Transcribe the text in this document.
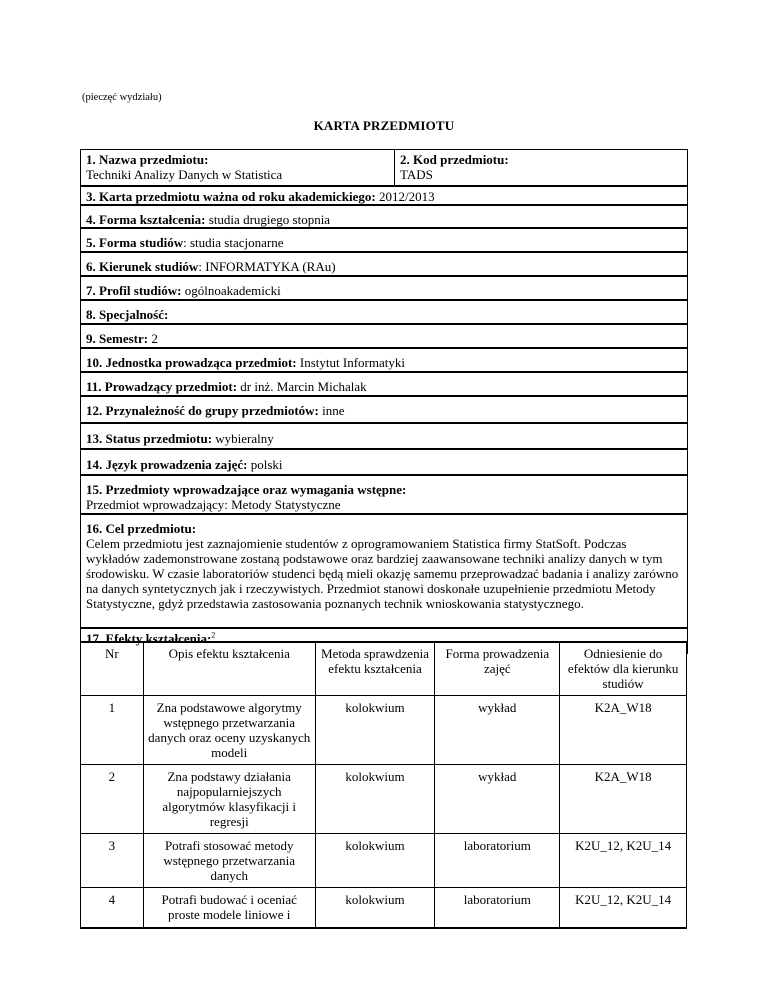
(pieczęć wydziału)
KARTA PRZEDMIOTU
1. Nazwa przedmiotu:
Techniki Analizy Danych w Statistica
2. Kod przedmiotu:
TADS
3. Karta przedmiotu ważna od roku akademickiego: 2012/2013
4. Forma kształcenia: studia drugiego stopnia
5. Forma studiów: studia stacjonarne
6. Kierunek studiów: INFORMATYKA (RAu)
7. Profil studiów: ogólnoakademicki
8. Specjalność:
9. Semestr: 2
10. Jednostka prowadząca przedmiot: Instytut Informatyki
11. Prowadzący przedmiot: dr inż. Marcin Michalak
12. Przynależność do grupy przedmiotów: inne
13. Status przedmiotu: wybieralny
14. Język prowadzenia zajęć: polski
15. Przedmioty wprowadzające oraz wymagania wstępne:
Przedmiot wprowadzający: Metody Statystyczne
16. Cel przedmiotu:
Celem przedmiotu jest zaznajomienie studentów z oprogramowaniem Statistica firmy StatSoft. Podczas wykładów zademonstrowane zostaną podstawowe oraz bardziej zaawansowane techniki analizy danych w tym środowisku. W czasie laboratoriów studenci będą mieli okazję samemu przeprowadzać badania i analizy zarówno na danych syntetycznych jak i rzeczywistych. Przedmiot stanowi doskonałe uzupełnienie przedmiotu Metody Statystyczne, gdyż przedstawia zastosowania poznanych technik wnioskowania statystycznego.
17. Efekty kształcenia:$^2$
Nr	Opis efektu kształcenia	Metoda sprawdzenia efektu kształcenia	Forma prowadzenia zajęć	Odniesienie do efektów dla kierunku studiów
1	Zna podstawowe algorytmy wstępnego przetwarzania danych oraz oceny uzyskanych modeli	kolokwium	wykład	K2A_W18
2	Zna podstawy działania najpopularniejszych algorytmów klasyfikacji i regresji	kolokwium	wykład	K2A_W18
3	Potrafi stosować metody wstępnego przetwarzania danych	kolokwium	laboratorium	K2U_12, K2U_14
4	Potrafi budować i oceniać proste modele liniowe i	kolokwium	laboratorium	K2U_12, K2U_14
